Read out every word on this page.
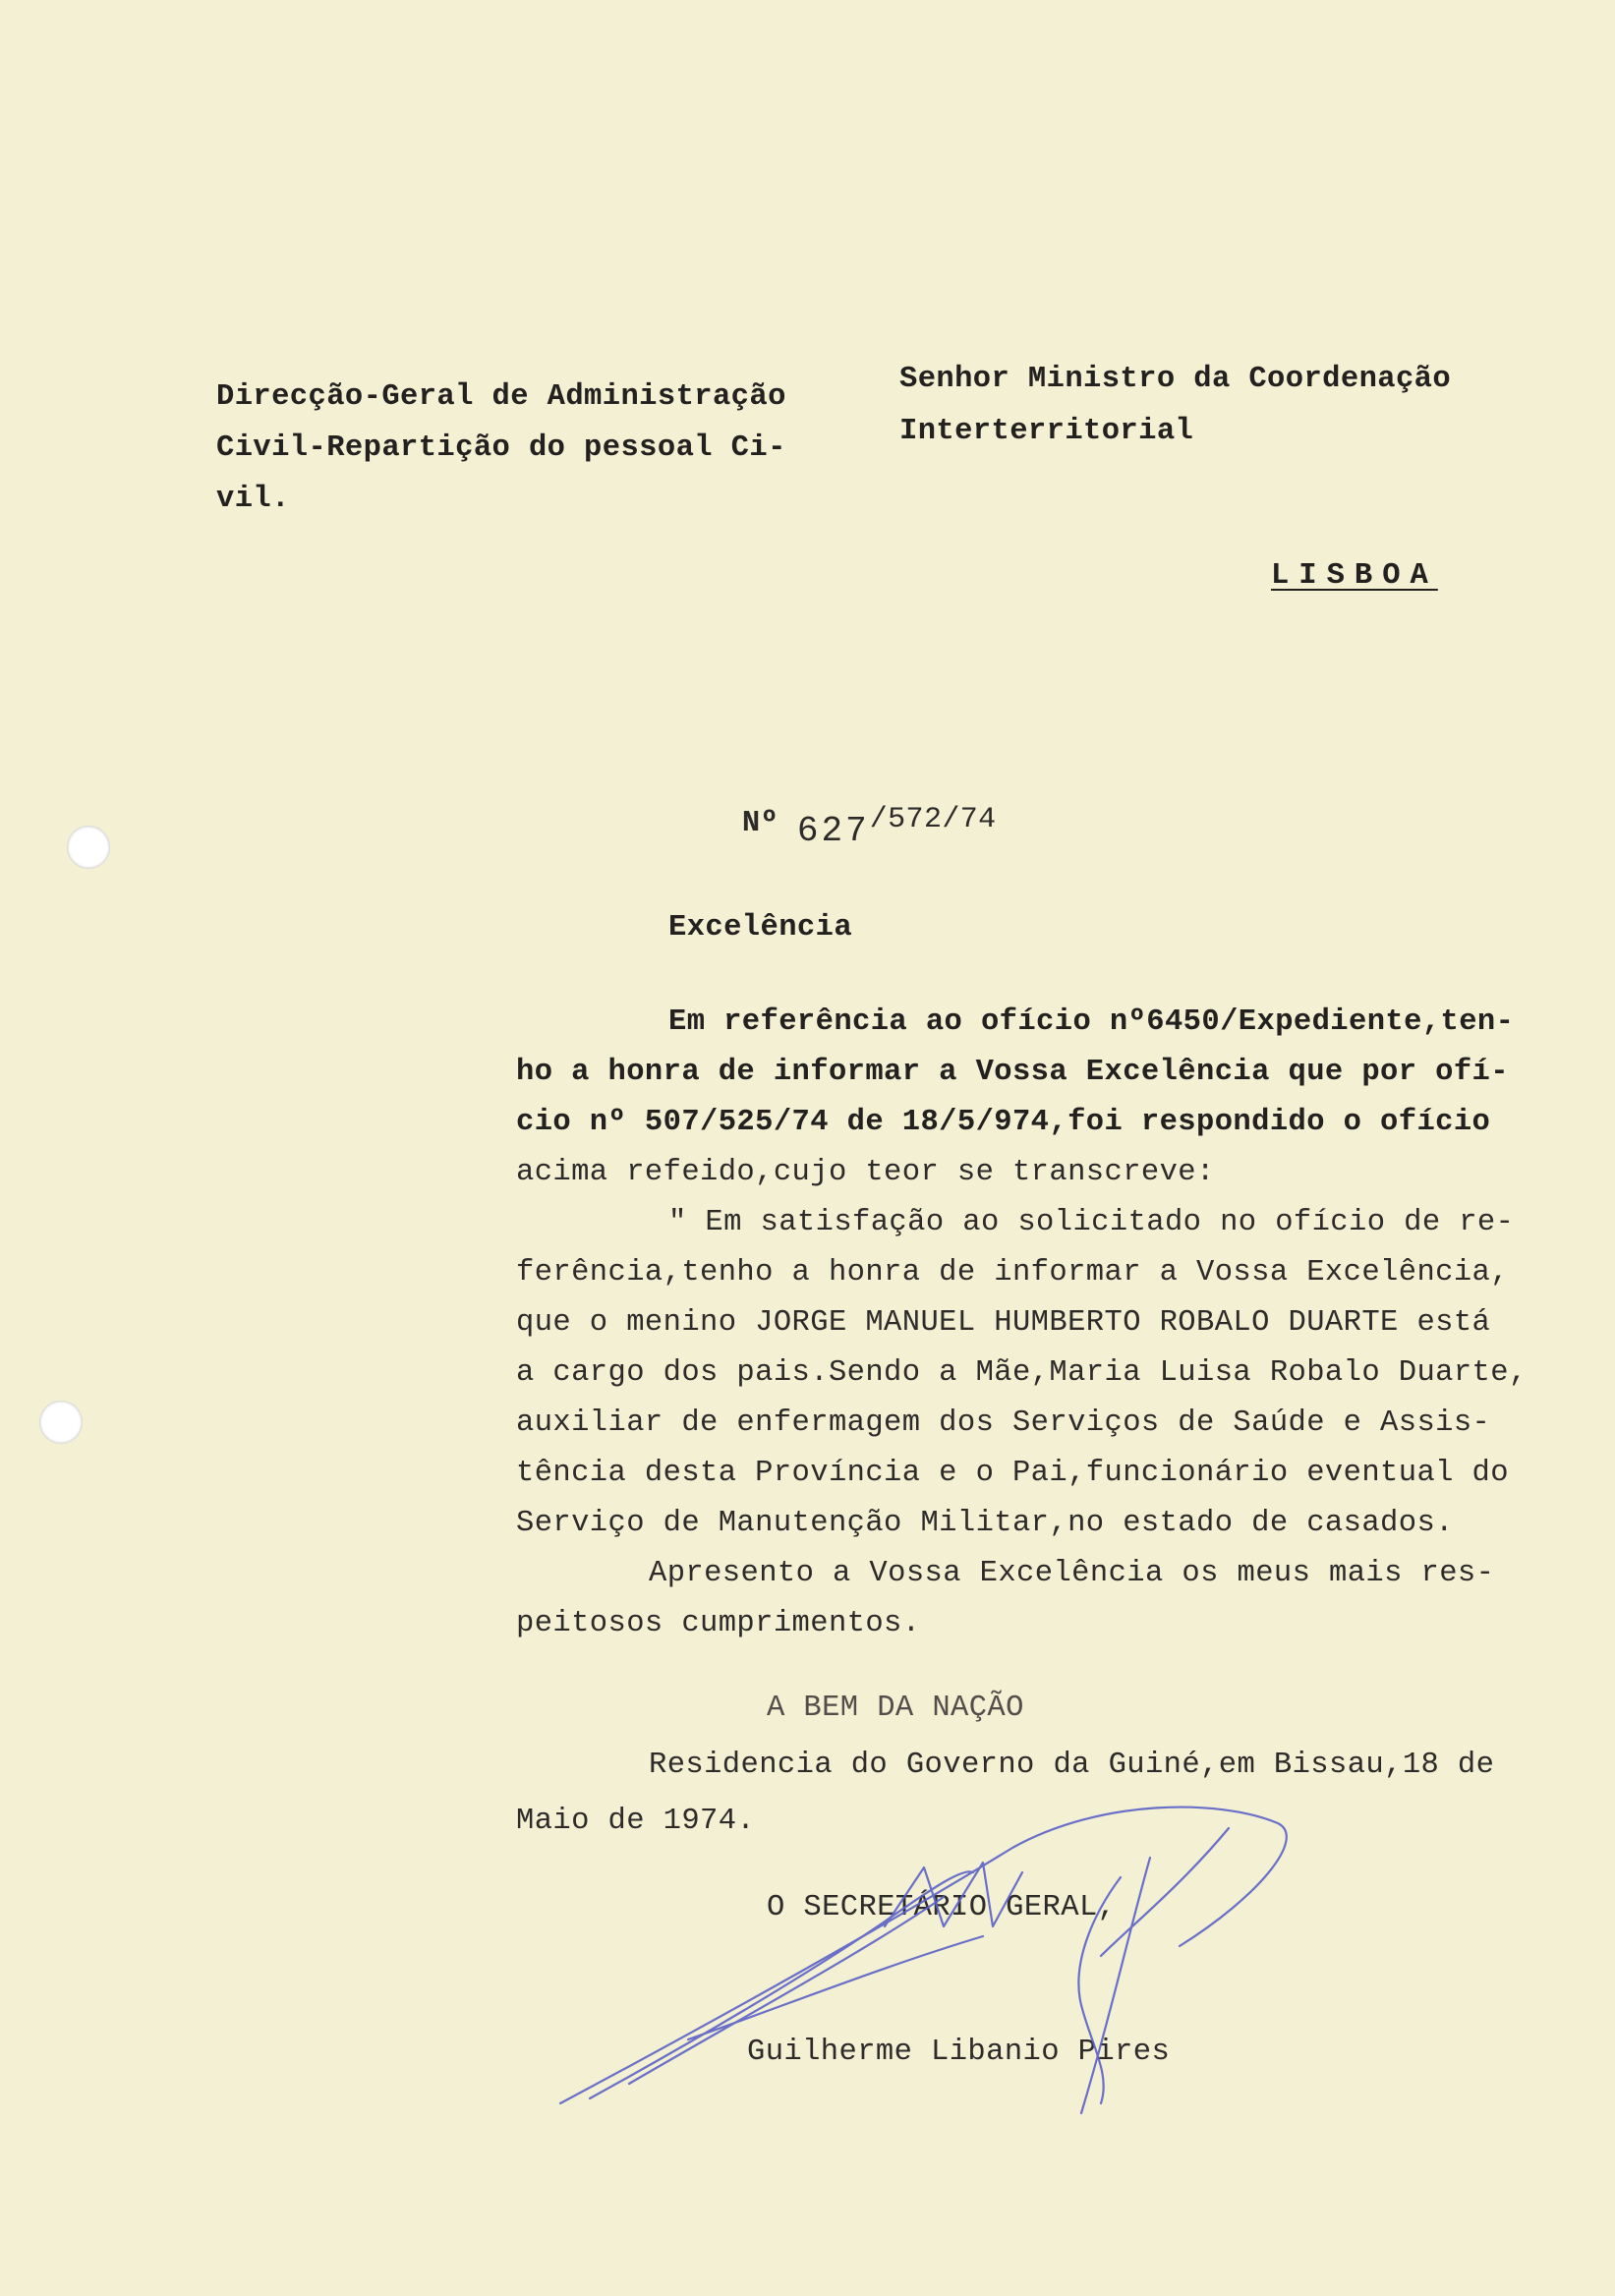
Direcção-Geral de Administração
Civil-Repartição do pessoal Ci-
vil.
Senhor Ministro da Coordenação
Interterritorial
LISBOA

Nº 627/572/74

Excelência
Em referência ao ofício nº6450/Expediente,ten-
ho a honra de informar a Vossa Excelência que por ofí-
cio nº 507/525/74 de 18/5/974,foi respondido o ofício
acima refeido,cujo teor se transcreve:
" Em satisfação ao solicitado no ofício de re-
ferência,tenho a honra de informar a Vossa Excelência,
que o menino JORGE MANUEL HUMBERTO ROBALO DUARTE está
a cargo dos pais.Sendo a Mãe,Maria Luisa Robalo Duarte,
auxiliar de enfermagem dos Serviços de Saúde e Assis-
tência desta Província e o Pai,funcionário eventual do
Serviço de Manutenção Militar,no estado de casados.
Apresento a Vossa Excelência os meus mais res-
peitosos cumprimentos.
A BEM DA NAÇÃO
Residencia do Governo da Guiné,em Bissau,18 de
Maio de 1974.
O SECRETÁRIO GERAL,
Guilherme Libanio Pires
